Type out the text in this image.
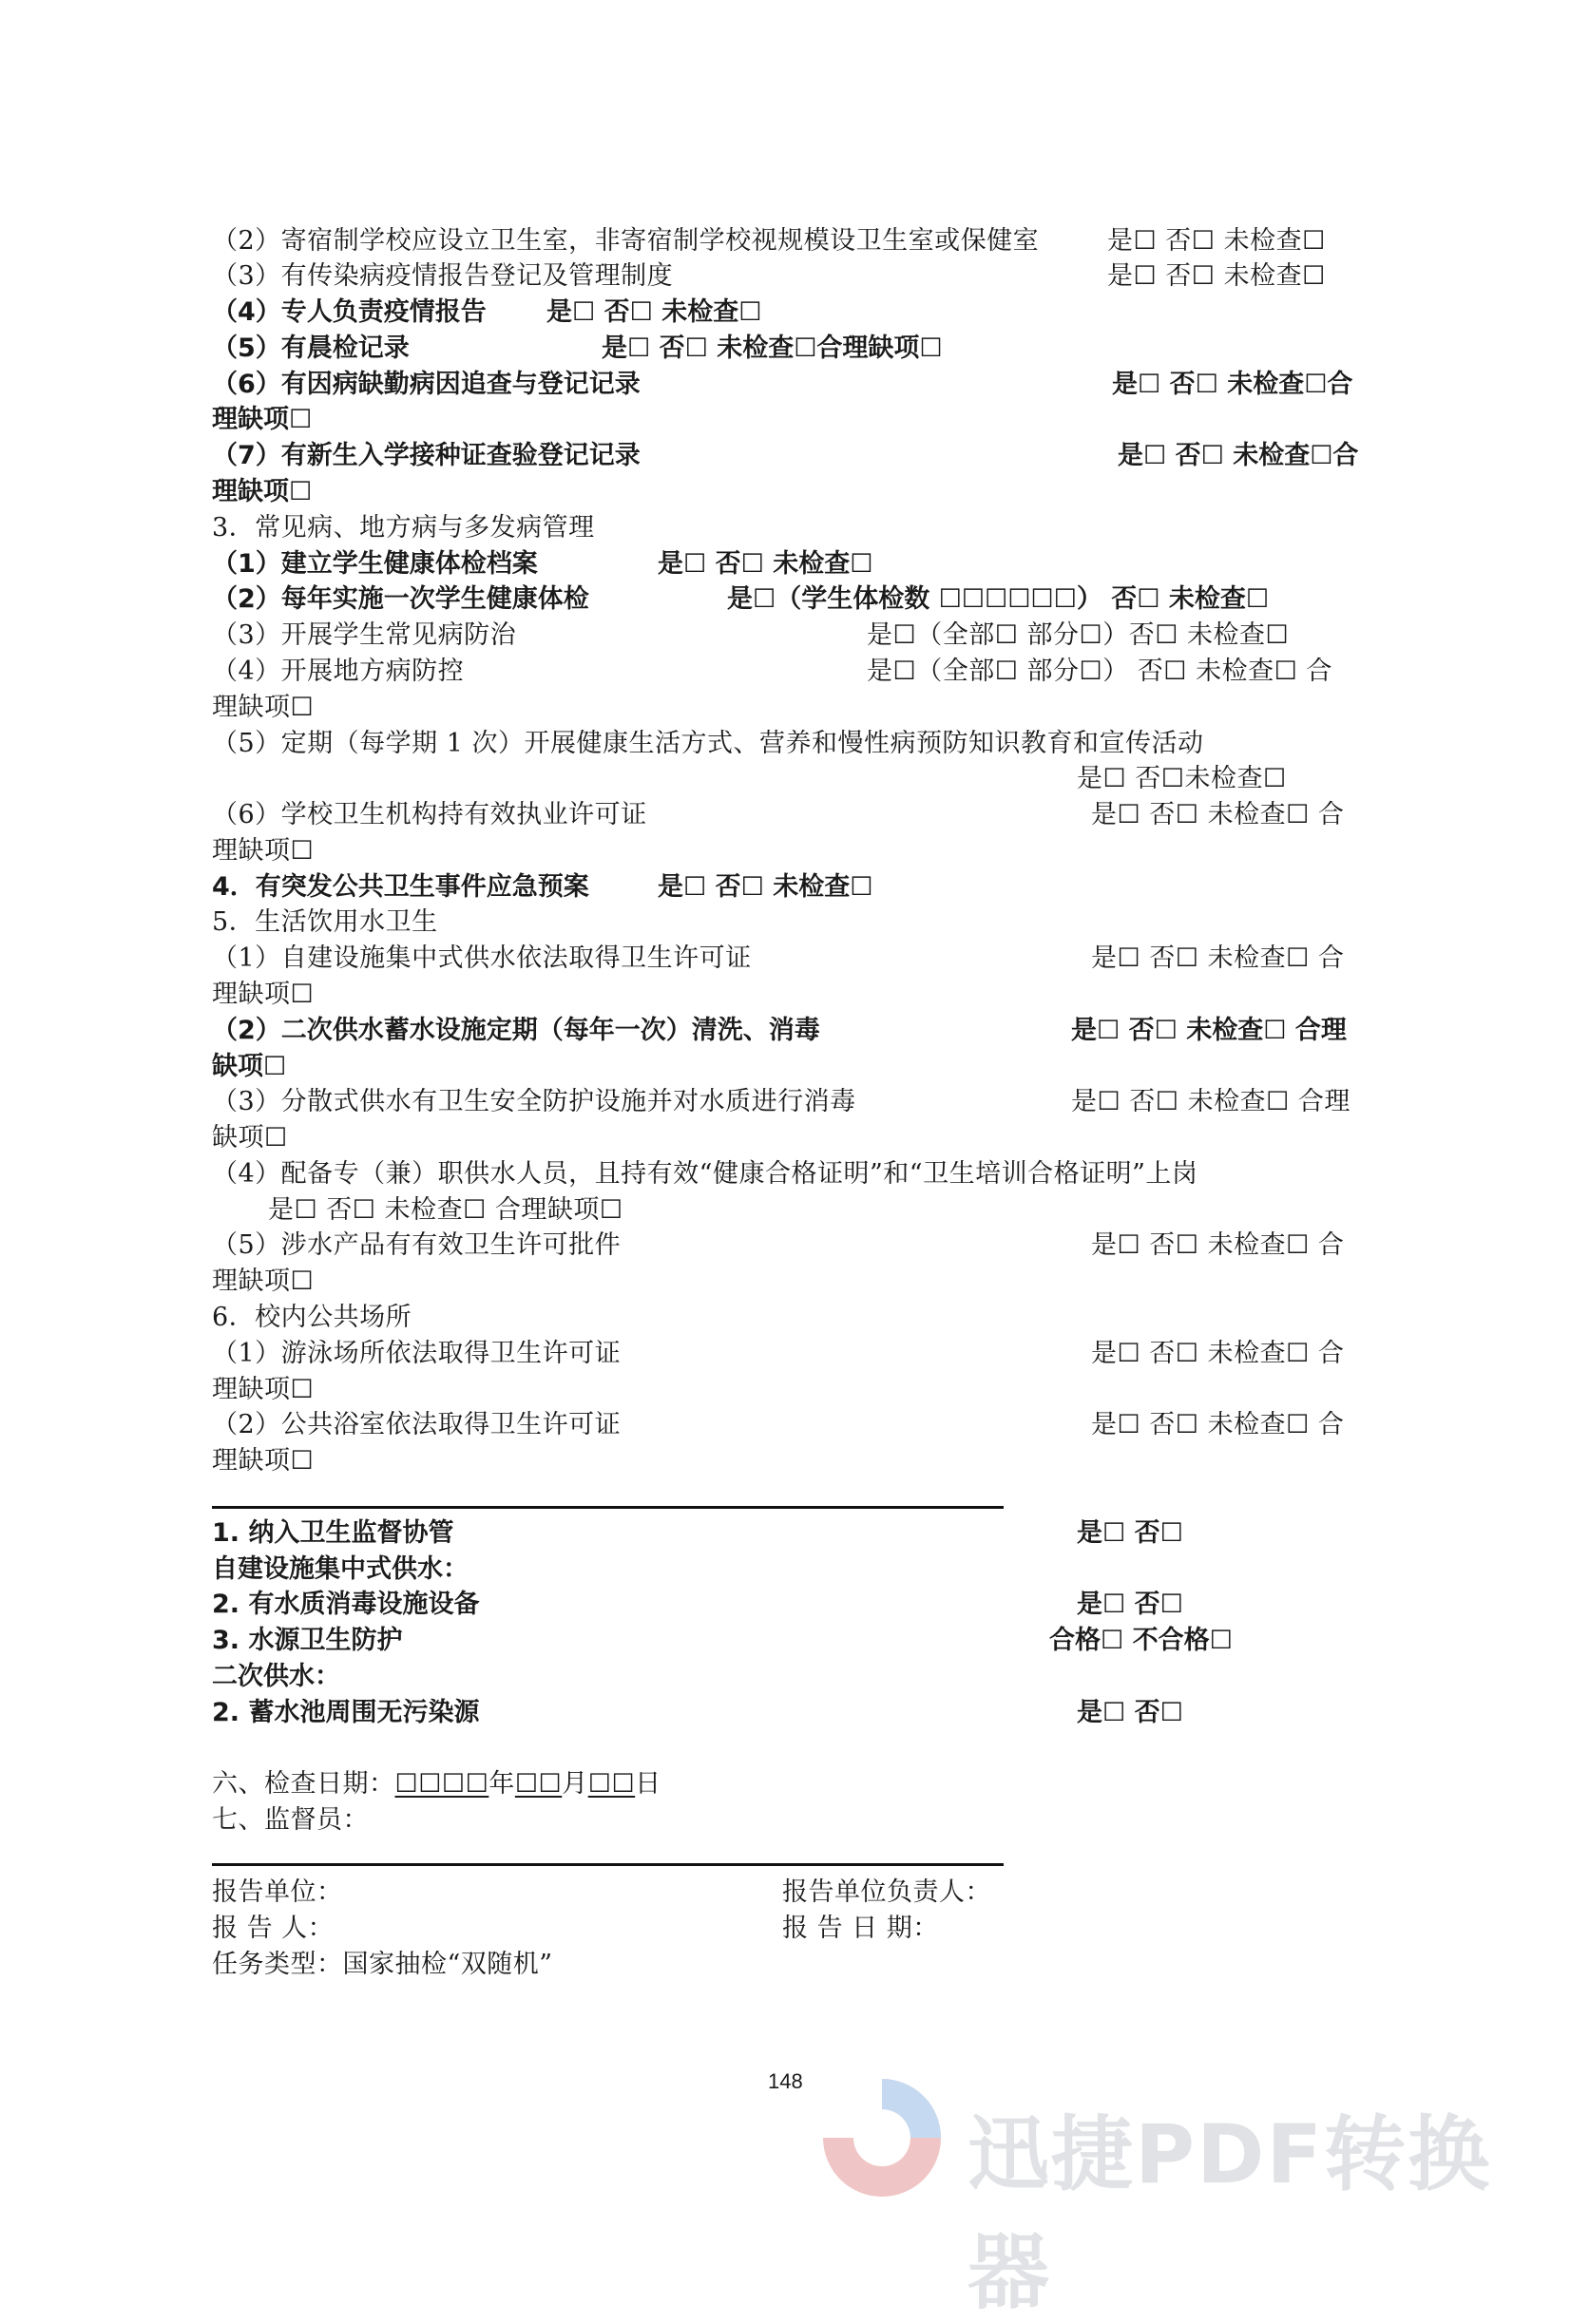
（2）寄宿制学校应设立卫生室，非寄宿制学校视规模设卫生室或保健室	是☐ 否☐ 未检查☐
（3）有传染病疫情报告登记及管理制度	是☐ 否☐ 未检查☐
（4）专人负责疫情报告 是☐ 否☐ 未检查☐
（5）有晨检记录	是☐ 否☐ 未检查☐合理缺项☐
（6）有因病缺勤病因追查与登记记录	是☐ 否☐ 未检查☐合
理缺项☐
（7）有新生入学接种证查验登记记录	是☐ 否☐ 未检查☐合
理缺项☐
3．常见病、地方病与多发病管理
（1）建立学生健康体检档案	是☐ 否☐ 未检查☐
（2）每年实施一次学生健康体检	是☐（学生体检数 ☐☐☐☐☐☐） 否☐ 未检查☐
（3）开展学生常见病防治	是☐（全部☐ 部分☐）否☐ 未检查☐
（4）开展地方病防控	是☐（全部☐ 部分☐） 否☐ 未检查☐ 合
理缺项☐
（5）定期（每学期 1 次）开展健康生活方式、营养和慢性病预防知识教育和宣传活动
是☐ 否☐未检查☐
（6）学校卫生机构持有效执业许可证	是☐ 否☐ 未检查☐ 合
理缺项☐
4．有突发公共卫生事件应急预案	是☐ 否☐ 未检查☐
5．生活饮用水卫生
（1）自建设施集中式供水依法取得卫生许可证	是☐ 否☐ 未检查☐ 合
理缺项☐
（2）二次供水蓄水设施定期（每年一次）清洗、消毒	是☐ 否☐ 未检查☐ 合理
缺项☐
（3）分散式供水有卫生安全防护设施并对水质进行消毒	是☐ 否☐ 未检查☐ 合理
缺项☐
（4）配备专（兼）职供水人员，且持有效“健康合格证明”和“卫生培训合格证明”上岗
是☐ 否☐ 未检查☐ 合理缺项☐
（5）涉水产品有有效卫生许可批件	是☐ 否☐ 未检查☐ 合
理缺项☐
6．校内公共场所
（1）游泳场所依法取得卫生许可证	是☐ 否☐ 未检查☐ 合
理缺项☐
（2）公共浴室依法取得卫生许可证	是☐ 否☐ 未检查☐ 合
理缺项☐
1. 纳入卫生监督协管	是☐ 否☐
自建设施集中式供水：
2. 有水质消毒设施设备	是☐ 否☐
3. 水源卫生防护	合格☐ 不合格☐
二次供水：
2. 蓄水池周围无污染源	是☐ 否☐
六、检查日期：☐☐☐☐年☐☐月☐☐日
七、监督员：
报告单位：	报告单位负责人：
报 告 人：	报 告 日 期：
任务类型：国家抽检“双随机”
148
迅捷PDF转换器
